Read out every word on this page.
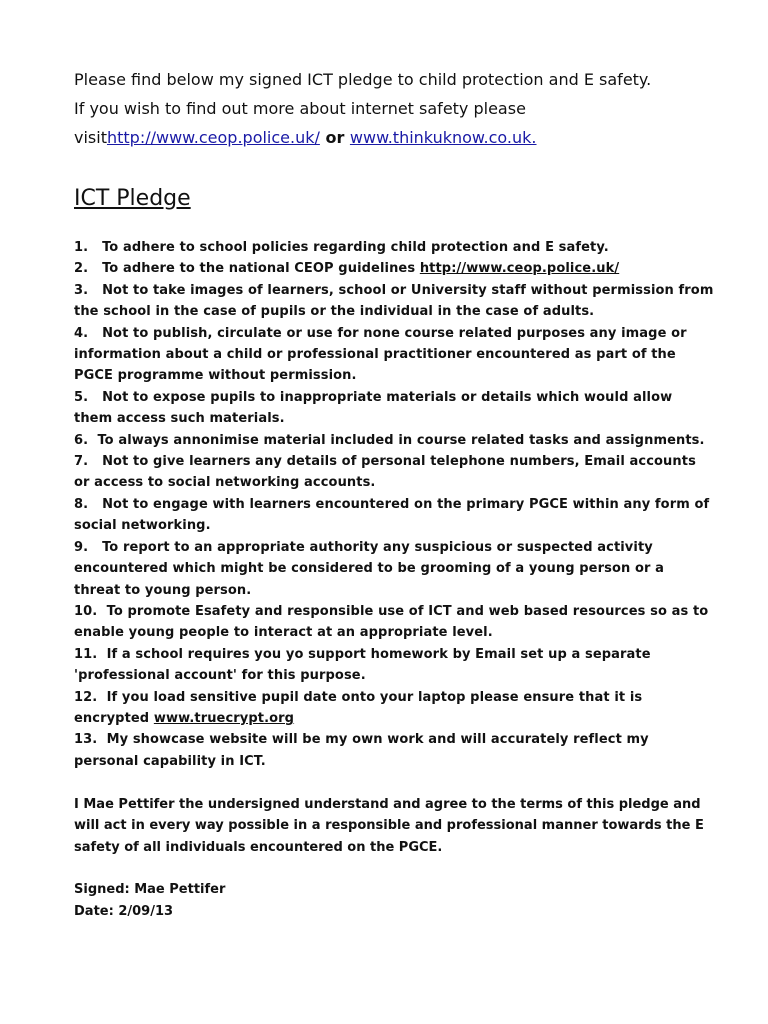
Please find below my signed ICT pledge to child protection and E safety.

If you wish to find out more about internet safety please visithttp://www.ceop.police.uk/ or www.thinkuknow.co.uk.

ICT Pledge
1.   To adhere to school policies regarding child protection and E safety.
2.   To adhere to the national CEOP guidelines http://www.ceop.police.uk/
3.   Not to take images of learners, school or University staff without permission from the school in the case of pupils or the individual in the case of adults.
4.   Not to publish, circulate or use for none course related purposes any image or information about a child or professional practitioner encountered as part of the PGCE programme without permission.
5.   Not to expose pupils to inappropriate materials or details which would allow them access such materials.
6.  To always annonimise material included in course related tasks and assignments.
7.   Not to give learners any details of personal telephone numbers, Email accounts or access to social networking accounts.
8.   Not to engage with learners encountered on the primary PGCE within any form of social networking.
9.   To report to an appropriate authority any suspicious or suspected activity encountered which might be considered to be grooming of a young person or a threat to young person.
10.  To promote Esafety and responsible use of ICT and web based resources so as to enable young people to interact at an appropriate level.
11.  If a school requires you yo support homework by Email set up a separate 'professional account' for this purpose.
12.  If you load sensitive pupil date onto your laptop please ensure that it is encrypted www.truecrypt.org
13.  My showcase website will be my own work and will accurately reflect my personal capability in ICT.

I Mae Pettifer the undersigned understand and agree to the terms of this pledge and will act in every way possible in a responsible and professional manner towards the E safety of all individuals encountered on the PGCE.

Signed: Mae Pettifer

Date: 2/09/13
